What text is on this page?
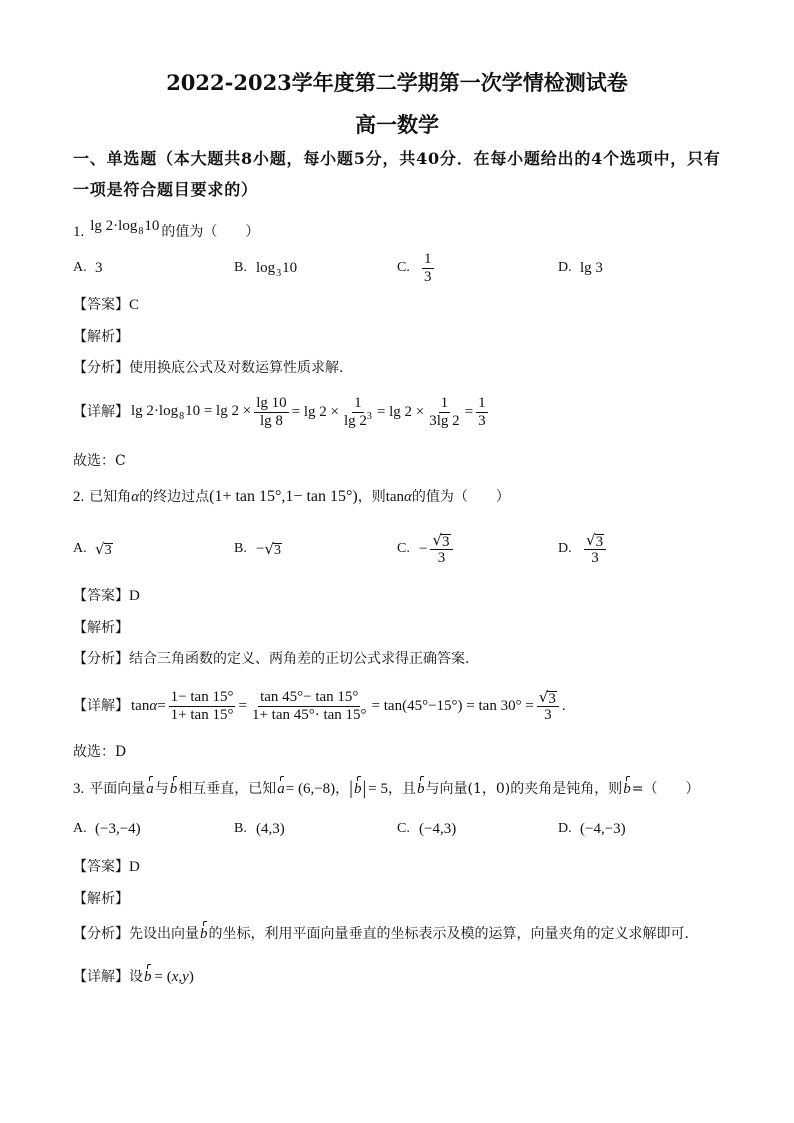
2022-2023学年度第二学期第一次学情检测试卷
高一数学
一、单选题（本大题共8小题，每小题5分，共40分．在每小题给出的4个选项中，只有
一项是符合题目要求的）
1. $\lg 2\cdot\log_810$ 的值为（　　）
A. 3	B. $\log_310$	C. $\frac{1}{3}$	D. lg 3
【答案】 C
【解析】
【分析】 使用换底公式及对数运算性质求解.
【详解】 $\lg 2\cdot\log_810 = \lg 2 \times \frac{\lg 10}{\lg 8} = \lg 2 \times \frac{1}{\lg 2 3} = \lg 2 \times \frac{1}{3\lg 2} = \frac{1}{3}$
故选：C
2. 已知角 α 的终边过点 (1+ tan 15°,1− tan 15°) ，则 tan α 的值为（　　）
A. √ 3	B. − √ 3	C. − $\frac{√ 3}{3}$	D. $\frac{√ 3}{3}$
【答案】 D
【解析】
【分析】 结合三角函数的定义、两角差的正切公式求得正确答案.
【详解】 $\tan \alpha = \frac{1- \tan 15^\circ}{1+ \tan 15^\circ} = \frac{\tan 45^\circ- \tan 15^\circ}{1+ \tan 45^\circ\cdot \tan 15^\circ} = \tan(45^\circ-15^\circ) = \tan 30^\circ = \frac{√ 3}{3}$ .
故选：D
3. 平面向量 a 与 b 相互垂直，已知 a = (6,−8) ， | b | = 5 ，且 b 与向量(1，0)的夹角是钝角，则 b =（　　）
A. (−3,−4)	B. (4,3)	C. (−4,3)	D. (−4,−3)
【答案】 D
【解析】
【分析】 先设出向量 b 的坐标，利用平面向量垂直的坐标表示及模的运算，向量夹角的定义求解即可．
【详解】 设 b = ( x , y )
